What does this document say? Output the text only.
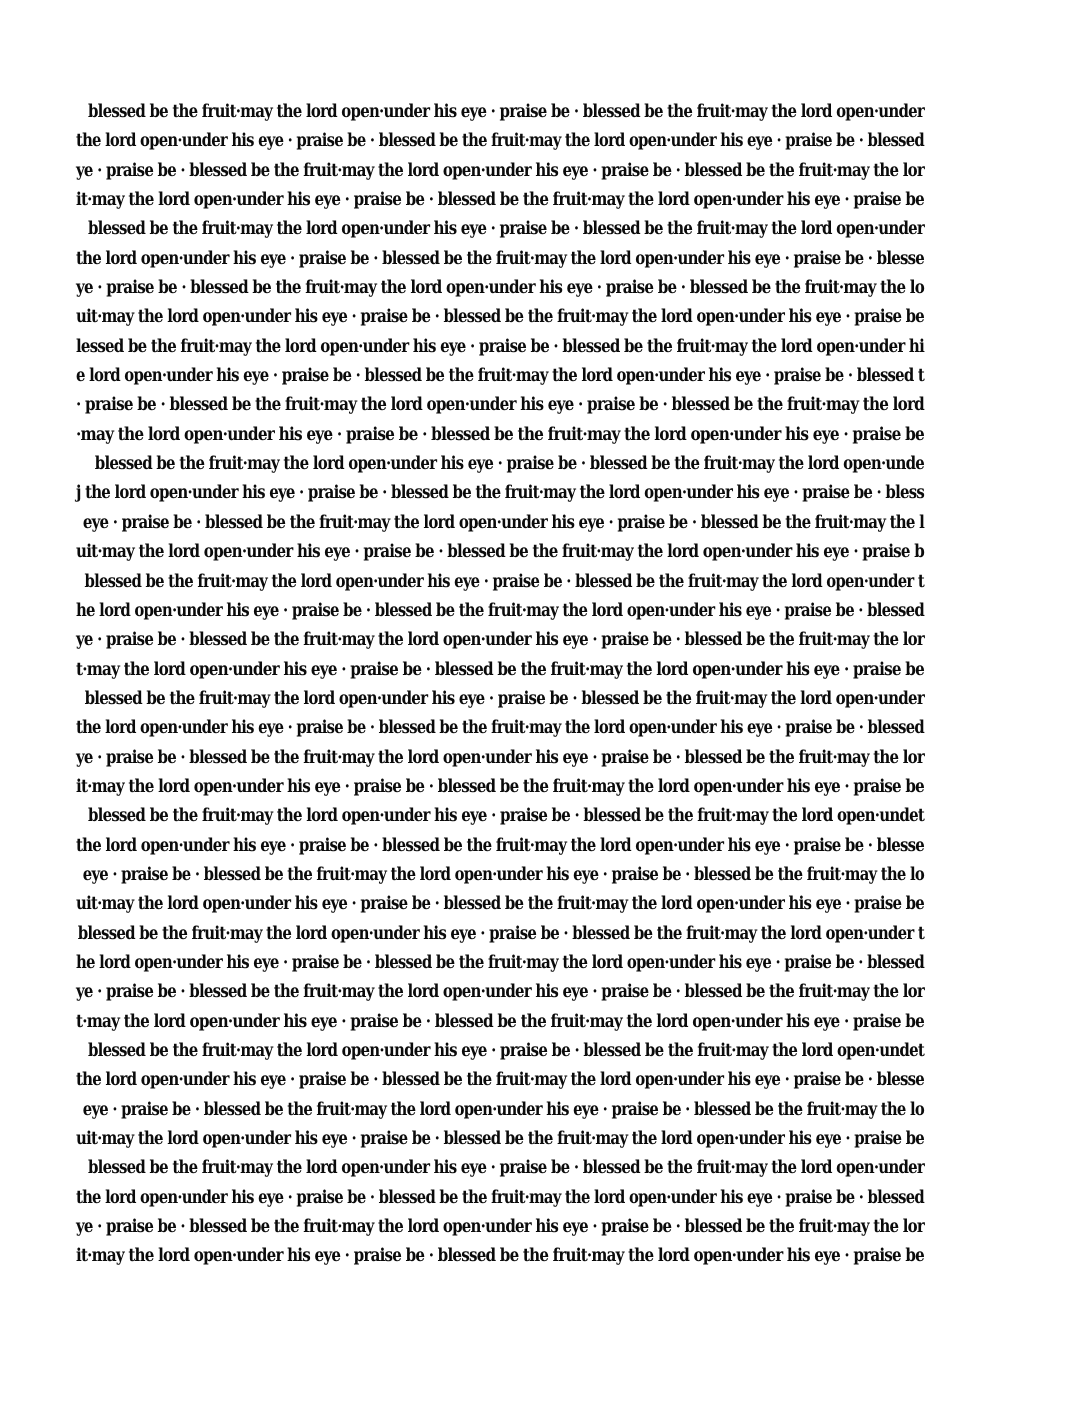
blessed be the fruit·may the lord open·under his eye · praise be · blessed be the fruit·may the lord open·under
the lord open·under his eye · praise be · blessed be the fruit·may the lord open·under his eye · praise be · blessed
ye · praise be · blessed be the fruit·may the lord open·under his eye · praise be · blessed be the fruit·may the lor
it·may the lord open·under his eye · praise be · blessed be the fruit·may the lord open·under his eye · praise be
blessed be the fruit·may the lord open·under his eye · praise be · blessed be the fruit·may the lord open·under
the lord open·under his eye · praise be · blessed be the fruit·may the lord open·under his eye · praise be · blesse
ye · praise be · blessed be the fruit·may the lord open·under his eye · praise be · blessed be the fruit·may the lo
uit·may the lord open·under his eye · praise be · blessed be the fruit·may the lord open·under his eye · praise be
lessed be the fruit·may the lord open·under his eye · praise be · blessed be the fruit·may the lord open·under hi
e lord open·under his eye · praise be · blessed be the fruit·may the lord open·under his eye · praise be · blessed t
· praise be · blessed be the fruit·may the lord open·under his eye · praise be · blessed be the fruit·may the lord
·may the lord open·under his eye · praise be · blessed be the fruit·may the lord open·under his eye · praise be
blessed be the fruit·may the lord open·under his eye · praise be · blessed be the fruit·may the lord open·unde
j the lord open·under his eye · praise be · blessed be the fruit·may the lord open·under his eye · praise be · bless
eye · praise be · blessed be the fruit·may the lord open·under his eye · praise be · blessed be the fruit·may the l
uit·may the lord open·under his eye · praise be · blessed be the fruit·may the lord open·under his eye · praise b
blessed be the fruit·may the lord open·under his eye · praise be · blessed be the fruit·may the lord open·under t
he lord open·under his eye · praise be · blessed be the fruit·may the lord open·under his eye · praise be · blessed
ye · praise be · blessed be the fruit·may the lord open·under his eye · praise be · blessed be the fruit·may the lor
t·may the lord open·under his eye · praise be · blessed be the fruit·may the lord open·under his eye · praise be
blessed be the fruit·may the lord open·under his eye · praise be · blessed be the fruit·may the lord open·under
the lord open·under his eye · praise be · blessed be the fruit·may the lord open·under his eye · praise be · blessed
ye · praise be · blessed be the fruit·may the lord open·under his eye · praise be · blessed be the fruit·may the lor
it·may the lord open·under his eye · praise be · blessed be the fruit·may the lord open·under his eye · praise be
blessed be the fruit·may the lord open·under his eye · praise be · blessed be the fruit·may the lord open·undet
the lord open·under his eye · praise be · blessed be the fruit·may the lord open·under his eye · praise be · blesse
eye · praise be · blessed be the fruit·may the lord open·under his eye · praise be · blessed be the fruit·may the lo
uit·may the lord open·under his eye · praise be · blessed be the fruit·may the lord open·under his eye · praise be
blessed be the fruit·may the lord open·under his eye · praise be · blessed be the fruit·may the lord open·under t
he lord open·under his eye · praise be · blessed be the fruit·may the lord open·under his eye · praise be · blessed
ye · praise be · blessed be the fruit·may the lord open·under his eye · praise be · blessed be the fruit·may the lor
t·may the lord open·under his eye · praise be · blessed be the fruit·may the lord open·under his eye · praise be
blessed be the fruit·may the lord open·under his eye · praise be · blessed be the fruit·may the lord open·undet
the lord open·under his eye · praise be · blessed be the fruit·may the lord open·under his eye · praise be · blesse
eye · praise be · blessed be the fruit·may the lord open·under his eye · praise be · blessed be the fruit·may the lo
uit·may the lord open·under his eye · praise be · blessed be the fruit·may the lord open·under his eye · praise be
blessed be the fruit·may the lord open·under his eye · praise be · blessed be the fruit·may the lord open·under
the lord open·under his eye · praise be · blessed be the fruit·may the lord open·under his eye · praise be · blessed
ye · praise be · blessed be the fruit·may the lord open·under his eye · praise be · blessed be the fruit·may the lor
it·may the lord open·under his eye · praise be · blessed be the fruit·may the lord open·under his eye · praise be
